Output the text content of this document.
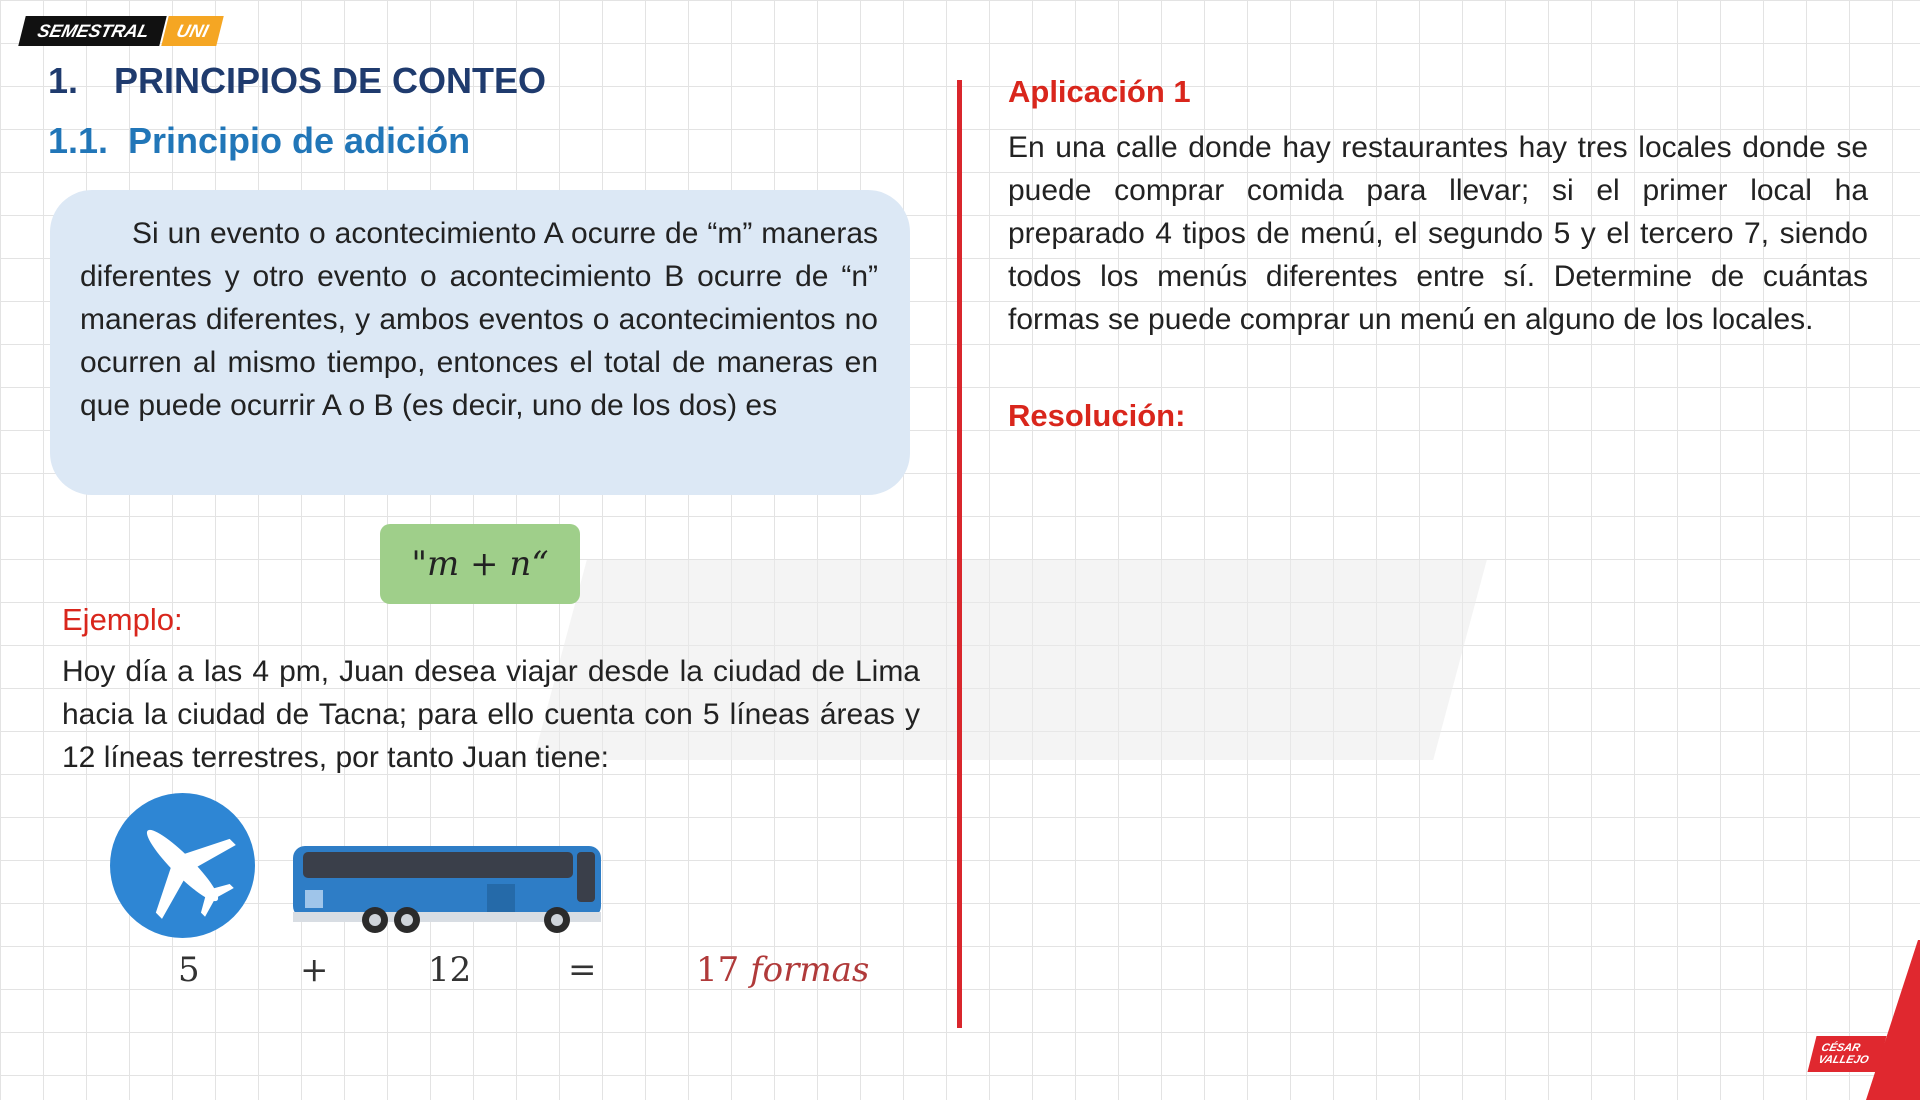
SEMESTRAL	UNI
1. PRINCIPIOS DE CONTEO
1.1. Principio de adición

Si un evento o acontecimiento A ocurre de “m” maneras diferentes y otro evento o acontecimiento B ocurre de “n” maneras diferentes, y ambos eventos o acontecimientos no ocurren al mismo tiempo, entonces el total de maneras en que puede ocurrir A o B (es decir, uno de los dos) es

"m + n“
Ejemplo:
Hoy día a las 4 pm, Juan desea viajar desde la ciudad de Lima hacia la ciudad de Tacna; para ello cuenta con 5 líneas áreas y 12 líneas terrestres, por tanto Juan tiene:
5	+	12	=	17 formas
Aplicación 1
En una calle donde hay restaurantes hay tres locales donde se puede comprar comida para llevar; si el primer local ha preparado 4 tipos de menú, el segundo 5 y el tercero 7, siendo todos los menús diferentes entre sí. Determine de cuántas formas se puede comprar un menú en alguno de los locales.
Resolución:
CÉSAR
VALLEJO
